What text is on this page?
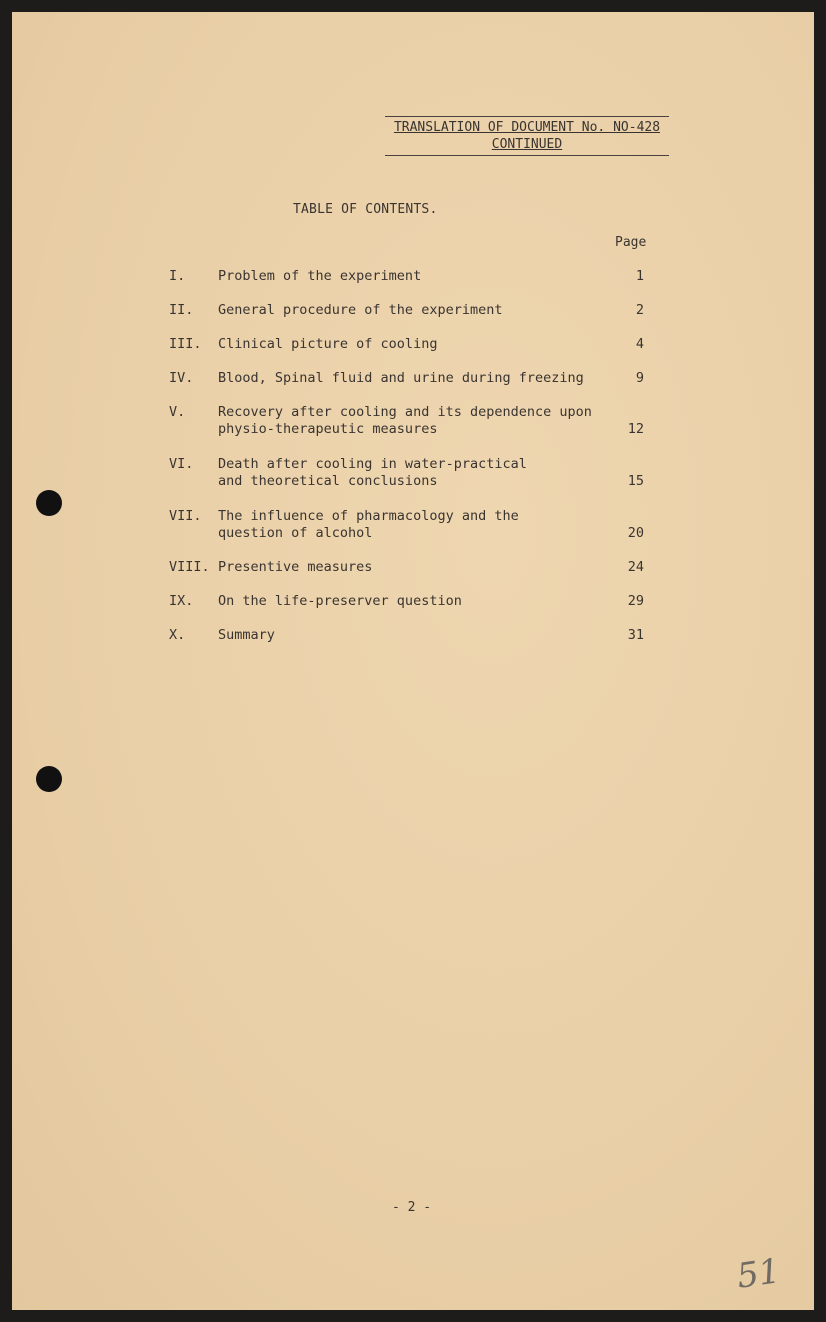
TRANSLATION OF DOCUMENT No. NO-428
CONTINUED
TABLE OF CONTENTS.
Page
I. Problem of the experiment	1
II. General procedure of the experiment	2
III. Clinical picture of cooling	4
IV. Blood, Spinal fluid and urine during freezing	9
V. Recovery after cooling and its dependence upon
physio-therapeutic measures	12
VI. Death after cooling in water-practical
and theoretical conclusions	15
VII. The influence of pharmacology and the
question of alcohol	20
VIII. Presentive measures	24
IX. On the life-preserver question	29
X. Summary	31
- 2 -
51
